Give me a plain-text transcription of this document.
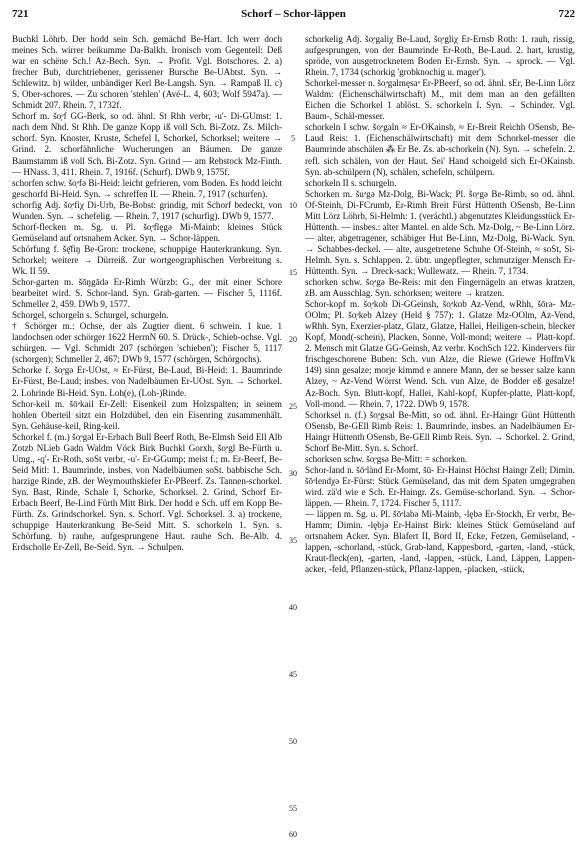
721	Schorf – Schor-läppen	722

Buchkl Löhrb. Der hodd sein Sch. gemächd Be-Hart. Ich werr doch meines Sch. wirrer beikumme Da-Balkh. Ironisch vom Gegenteil: Deß war en schëne Sch.! Az-Bech. Syn. → Profit. Vgl. Botschores. 2. a) frecher Bub, durchtriebener, gerissener Bursche Be-UAbtst. Syn. → Schlewitz. b) wilder, unbändiger Kerl Be-Langsh. Syn. → Rampaß II. c) S. Ober-schores. — Zu schoren 'stehlen' (Avé-L. 4, 603; Wolf 5947a). — Schmidt 207. Rhein. 7, 1732f.

Schorf m. šo̜ᵊf GG-Berk, so od. ähnl. St Rhh verbr, -u'- Di-GUmst: 1. nach dem Nhd. St Rhh. De ganze Kopp iß voll Sch. Bi-Zotz. Zs. Milch-schorf. Syn. Knoster, Kruste, Schefel I, Schorkel, Schorksel; weitere → Grind. 2. schorfähnliche Wucherungen an Bäumen. De ganze Baumstamm iß voll Sch. Bi-Zotz. Syn. Grind — am Rebstock Mz-Finth. — HNass. 3, 411. Rhein. 7, 1916f. (Schurf). DWb 9, 1575f.

schorfen schw. šo̜ᵊfə Bi-Heid: leicht gefrieren, vom Boden. Es hodd leicht geschorfd Bi-Heid. Syn. → schreffen II. — Rhein. 7, 1917 (schurfen).

schorfig Adj. šo̜ᵊfiχ Di-Urb, Be-Bobst: grindig, mit Schorf bedeckt, von Wunden. Syn. → schefelig. — Rhein. 7, 1917 (schurfig). DWb 9, 1577.

Schorf-flecken m. Sg. u. Pl. šo̜ᵊflęgə Mi-Mainb: kleines Stück Gemüseland auf ortsnahem Acker. Syn. → Schor-läppen.

Schörfung f. šę̄fiŋ Be-Gron: trockene, schuppige Hauterkrankung. Syn. Schorkel; weitere → Dürreiß. Zur wortgeographischen Verbreitung s. Wk. II 59.

Schor-garten m. šōŋgādə Er-Rimh Würzb: G., der mit einer Schore bearbeitet wird. S. Schor-land. Syn. Grab-garten. — Fischer 5, 1116f. Schmeller 2, 459. DWb 9, 1577.

Schorgel, schorgeln s. Schurgel, schurgeln.

† Schörger m.: Ochse, der als Zugtier dient. 6 schwein. 1 kue. 1 landochsen oder schörger 1622 HerrnN 60. S. Drück-, Schieb-ochse. Vgl. schürgen. — Vgl. Schmidt 207 (schörgen 'schieben'); Fischer 5, 1117 (schorgen); Schmeller 2, 467; DWb 9, 1577 (schörgen, Schörgochs).

Schorke f. šo̜ᵊgə Er-UOst, ≈ Er-Fürst, Be-Laud, Bi-Heid: 1. Baumrinde Er-Fürst, Be-Laud; insbes. von Nadelbäumen Er-UOst. Syn. → Schorkel. 2. Lohrinde Bi-Heid. Syn. Loh(e), (Loh-)Rinde.

Schor-keil m. šōᵊkail Er-Zell: Eisenkeil zum Holzspalten; in seinem hohlen Oberteil sitzt ein Holzdübel, den ein Eisenring zusammenhält. Syn. Gehäuse-keil, Ring-keil.

Schorkel f. (m.) šo̜ᵊgəl Er-Erbach Bull Beerf Roth, Be-Elmsh Seid Ell Alb Zotzb NLieb Gadn Waldm Vöck Birk Buchkl Gorxh, šo̜ᵊgl Be-Fürth u. Umg., -q'- Er-Roth, soSt verbr, -u'- Er-GGump; meist f.; m. Er-Beerf, Be-Seid Mitl: 1. Baumrinde, insbes. von Nadelbäumen soSt. babbische Sch. harzige Rinde, zB. der Weymouthskiefer Er-PBeerf. Zs. Tannen-schorkel. Syn. Bast, Rinde, Schale I, Schorke, Schorksel. 2. Grind, Schorf Er-Erbach Beerf, Be-Lind Fürth Mitt Birk. Der hodd e Sch. uff em Kopp Be-Fürth. Zs. Grindschorkel. Syn. s. Schorf. Vgl. Schorksel. 3. a) trockene, schuppige Hauterkrankung Be-Seid Mitt. S. schorkeln 1. Syn. s. Schörfung. b) rauhe, aufgesprungene Haut. rauhe Sch. Be-Alb. 4. Erdscholle Er-Zell, Be-Seid. Syn. → Schulpen.

5
10
15
20
25
30
35
40
45
50
55
60

schorkelig Adj. šo̜ᵊgaliχ Be-Laud, šo̜ᵊgliχ Er-Ernsb Roth: 1. rauh, rissig, aufgesprungen, von der Baumrinde Er-Roth, Be-Laud. 2. hart, krustig, spröde, von ausgetrocknetem Boden Er-Ernsb. Syn. → sprock. — Vgl. Rhein. 7, 1734 (schorkig 'grobknochig u. mager').

Schorkel-messer n. šo̜ᵊgalmęsaᵊ Er-PBeerf, so od. ähnl. sEr, Be-Linn Lörz Waldm: (Eichenschälwirtschaft) M., mit dem man an den gefällten Eichen die Schorkel 1 ablöst. S. schorkeln I. Syn. → Schinder. Vgl. Baum-, Schäl-messer.

schorkeln I schw. šo̜ᵊgaln ≈ Er-OKainsb, ≈ Er-Breit Reichh OSensb, Be-Laud Reis: 1. (Eichenschälwirtschaft) mit dem Schorkel-messer die Baumrinde abschälen ⁂ Er Be. Zs. ab-schorkeln (N). Syn. → schefeln. 2. refl. sich schälen, von der Haut. Sei' Hand schoigeld sich Er-OKainsb. Syn. ab-schülpern (N), schälen, schefeln, schülpern.

schorkeln II s. schurgeln.

Schorken m. šuᵊgə Mz-Dolg, Bi-Wack; Pl. šo̜ᵊgə Be-Rimb, so od. ähnl. Of-Steinh, Di-FCrumb, Er-Rimh Breit Fürst Hüttenth OSensb, Be-Linn Mitt Lörz Löhrb, Si-Helmh: 1. (verächtl.) abgenutztes Kleidungsstück Er-Hüttenth. — insbes.: alter Mantel. en alde Sch. Mz-Dolg, ~ Be-Linn Lörz. — alter, abgetragener, schäbiger Hut Be-Linn, Mz-Dolg, Bi-Wack. Syn. → Schabbes-deckel. — alte, ausgetretene Schuhe Of-Steinh, ≈ soSt, Si-Helmh. Syn. s. Schlappen. 2. übtr. ungepflegter, schmutziger Mensch Er-Hüttenth. Syn. → Dreck-sack; Wullewatz. — Rhein. 7, 1734.

schorken schw. šo̜ᵊgə Be-Reis: mit den Fingernägeln an etwas kratzen, zB. am Ausschlag. Syn. schorksen; weitere → kratzen.

Schor-kopf m. šo̜ᵊkob Di-GGeinsh, šo̜ᵊkob Az-Vend, wRhh, šōrə- Mz-OOlm; Pl. šo̜ᵊkeb Alzey (Held § 757): 1. Glatze Mz-OOlm, Az-Vend, wRhh. Syn. Exerzier-platz, Glatz, Glatze, Hallei, Heiligen-schein, blecker Kopf, Mond(-schein), Placken, Sonne, Voll-mond; weitere → Platt-kopf. 2. Mensch mit Glatze GG-Geinsh, Az verbr. KochSch 122. Kindervers für frischgeschorene Buben: Sch. vun Alze, die Riewe (Griewe HoffmVk 149) sinn gesalze; morje kimmd e annere Mann, der se besser salze kann Alzey, ~ Az-Vend Wörrst Wend. Sch. vun Alze, de Bodder eß gesalze! Az-Boch. Syn. Blutt-kopf, Hallei, Kahl-kopf, Kupfer-platte, Platt-kopf, Voll-mond. — Rhein. 7, 1722. DWb 9, 1578.

Schorksel n. (f.) šo̜ᵊgsal Be-Mitt, so od. ähnl. Er-Haingr Günt Hüttenth OSensb, Be-GEll Rimb Reis: 1. Baumrinde, insbes. an Nadelbäumen Er-Haingr Hüttenth OSensb, Be-GEll Rimb Reis. Syn. → Schorkel. 2. Grind, Schorf Be-Mitt. Syn. s. Schorf.

schorksen schw. šo̜ᵊgsə Be-Mitt: = schorken.

Schor-land n. šōᵊländ Er-Momt, šū- Er-Hainst Höchst Haingr Zell; Dimin. šōᵊlendχə Er-Fürst: Stück Gemüseland, das mit dem Spaten umgegraben wird. zä'd wie e Sch. Er-Haingr. Zs. Gemüse-schorland. Syn. → Schor-läppen. — Rhein. 7, 1724. Fischer 5, 1117.

— läppen m. Sg. u. Pl. šōᵊlabə Mi-Mainb, -lębə Er-Stockh, Er verbr, Be-Hamm; Dimin. -lębjə Er-Hainst Birk: kleines Stück Gemüseland auf ortsnahem Acker. Syn. Blafert II, Bord II, Ecke, Fetzen, Gemüseland, -lappen, -schorland, -stück, Grab-land, Kappesbord, -garten, -land, -stück, Kraut-fleck(en), -garten, -land, -lappen, -stück, Land, Läppen, Lappen-acker, -feld, Pflanzen-stück, Pflanz-lappen, -placken, -stück,
